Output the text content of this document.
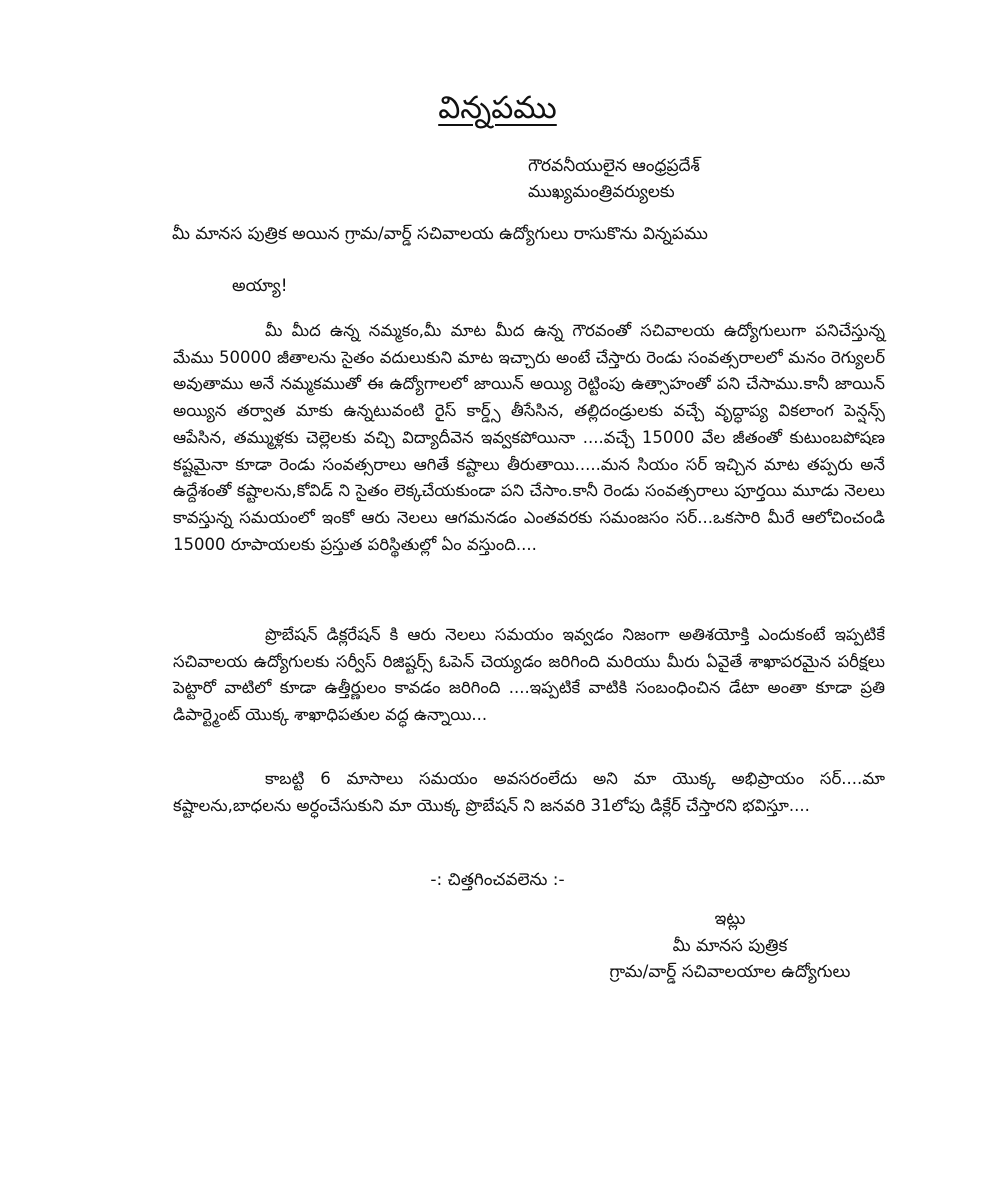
విన్నపము
గౌరవనీయులైన ఆంధ్రప్రదేశ్
ముఖ్యమంత్రివర్యులకు
మీ మానస పుత్రిక అయిన గ్రామ/వార్డ్ సచివాలయ ఉద్యోగులు రాసుకొను విన్నపము
అయ్యా!

మీ మీద ఉన్న నమ్మకం,మీ మాట మీద ఉన్న గౌరవంతో సచివాలయ ఉద్యోగులుగా పనిచేస్తున్న మేము 50000 జీతాలను సైతం వదులుకుని మాట ఇచ్చారు అంటే చేస్తారు రెండు సంవత్సరాలలో మనం రెగ్యులర్ అవుతాము అనే నమ్మకముతో ఈ ఉద్యోగాలలో జాయిన్ అయ్యి రెట్టింపు ఉత్సాహంతో పని చేసాము.కానీ జాయిన్ అయ్యిన తర్వాత మాకు ఉన్నటువంటి రైస్ కార్డ్స్ తీసేసిన, తల్లిదండ్రులకు వచ్చే వృద్ధాప్య వికలాంగ పెన్షన్స్ ఆపేసిన, తమ్ముళ్లకు చెల్లెలకు వచ్చి విద్యాదీవెన ఇవ్వకపోయినా ....వచ్చే 15000 వేల జీతంతో కుటుంబపోషణ కష్టమైనా కూడా రెండు సంవత్సరాలు ఆగితే కష్టాలు తీరుతాయి.....మన సియం సర్ ఇచ్చిన మాట తప్పరు అనే ఉద్దేశంతో కష్టాలను,కోవిడ్ ని సైతం లెక్కచేయకుండా పని చేసాం.కానీ రెండు సంవత్సరాలు పూర్తయి మూడు నెలలు కావస్తున్న సమయంలో ఇంకో ఆరు నెలలు ఆగమనడం ఎంతవరకు సమంజసం సర్...ఒకసారి మీరే ఆలోచించండి 15000 రూపాయలకు ప్రస్తుత పరిస్థితుల్లో ఏం వస్తుంది....

ప్రొబేషన్ డిక్లరేషన్ కి ఆరు నెలలు సమయం ఇవ్వడం నిజంగా అతిశయోక్తి ఎందుకంటే ఇప్పటికే సచివాలయ ఉద్యోగులకు సర్వీస్ రిజిష్టర్స్ ఓపెన్ చెయ్యడం జరిగింది మరియు మీరు ఏవైతే శాఖాపరమైన పరీక్షలు పెట్టారో వాటిలో కూడా ఉత్తీర్ణులం కావడం జరిగింది ....ఇప్పటికే వాటికి సంబంధించిన డేటా అంతా కూడా ప్రతి డిపార్ట్మెంట్ యొక్క శాఖాధిపతుల వద్ధ ఉన్నాయి...

కాబట్టి 6 మాసాలు సమయం అవసరంలేదు అని మా యొక్క అభిప్రాయం సర్....మా కష్టాలను,బాధలను అర్ధంచేసుకుని మా యొక్క ప్రొబేషన్ ని జనవరి 31లోపు డిక్లేర్ చేస్తారని భవిస్తూ....

-: చిత్తగించవలెను :-
ఇట్లు
మీ మానస పుత్రిక
గ్రామ/వార్డ్ సచివాలయాల ఉద్యోగులు
